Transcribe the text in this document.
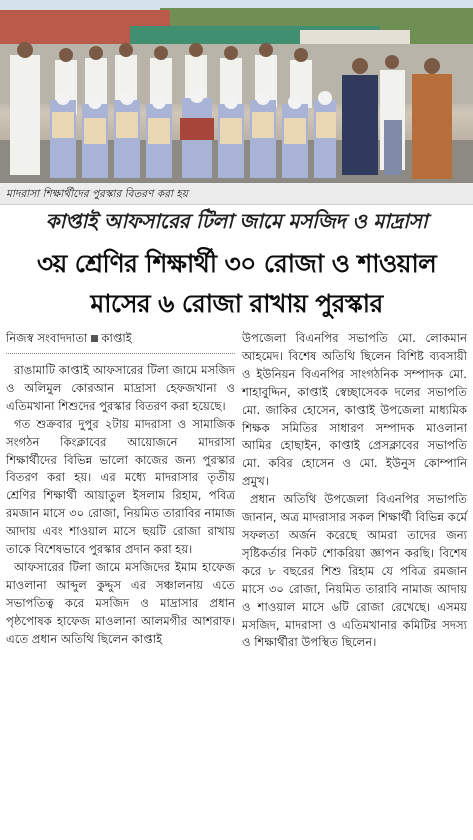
মাদরাসা শিক্ষার্থীদের পুরস্কার বিতরণ করা হয়
কাপ্তাই আফসারের টিলা জামে মসজিদ ও মাদ্রাসা
৩য় শ্রেণির শিক্ষার্থী ৩০ রোজা ও শাওয়াল
মাসের ৬ রোজা রাখায় পুরস্কার
নিজস্ব সংবাদদাতা কাপ্তাই

রাঙামাটি কাপ্তাই আফসারের টিলা জামে মসজিদ ও অলিমুল কোরআন মাদ্রাসা হেফজখানা ও এতিমখানা শিশুদের পুরস্কার বিতরণ করা হয়েছে।

গত শুক্রবার দুপুর ২টায় মাদরাসা ও সামাজিক সংগঠন কিংক্লাবের আয়োজনে মাদরাসা শিক্ষার্থীদের বিভিন্ন ভালো কাজের জন্য পুরস্কার বিতরণ করা হয়। এর মধ্যে মাদরাসার তৃতীয় শ্রেণির শিক্ষার্থী আয়াতুল ইসলাম রিহাম, পবিত্র রমজান মাসে ৩০ রোজা, নিয়মিত তারাবির নামাজ আদায় এবং শাওয়াল মাসে ছয়টি রোজা রাখায় তাকে বিশেষভাবে পুরস্কার প্রদান করা হয়।

আফসারের টিলা জামে মসজিদের ইমাম হাফেজ মাওলানা আব্দুল কুদ্দুস এর সঞ্চালনায় এতে সভাপতিত্ব করে মসজিদ ও মাদ্রাসার প্রধান পৃষ্ঠপোষক হাফেজ মাওলানা আলমগীর আশরাফ। এতে প্রধান অতিথি ছিলেন কাপ্তাই

উপজেলা বিএনপির সভাপতি মো. লোকমান আহমেদ। বিশেষ অতিথি ছিলেন বিশিষ্ট ব্যবসায়ী ও ইউনিয়ন বিএনপির সাংগঠনিক সম্পাদক মো. শাহাবুদ্দিন, কাপ্তাই স্বেচ্ছাসেবক দলের সভাপতি মো. জাকির হোসেন, কাপ্তাই উপজেলা মাধ্যমিক শিক্ষক সমিতির সাধারণ সম্পাদক মাওলানা আমির হোছাইন, কাপ্তাই প্রেসক্লাবের সভাপতি মো. কবির হোসেন ও মো. ইউনুস কোম্পানি প্রমুখ।

প্রধান অতিথি উপজেলা বিএনপির সভাপতি জানান, অত্র মাদরাসার সকল শিক্ষার্থী বিভিন্ন কর্মে সফলতা অর্জন করেছে আমরা তাদের জন্য সৃষ্টিকর্তার নিকট শোকরিয়া জ্ঞাপন করছি। বিশেষ করে ৮ বছরের শিশু রিহাম যে পবিত্র রমজান মাসে ৩০ রোজা, নিয়মিত তারাবি নামাজ আদায় ও শাওয়াল মাসে ৬টি রোজা রেখেছে। এসময় মসজিদ, মাদরাসা ও এতিমখানার কমিটির সদস্য ও শিক্ষার্থীরা উপস্থিত ছিলেন।
